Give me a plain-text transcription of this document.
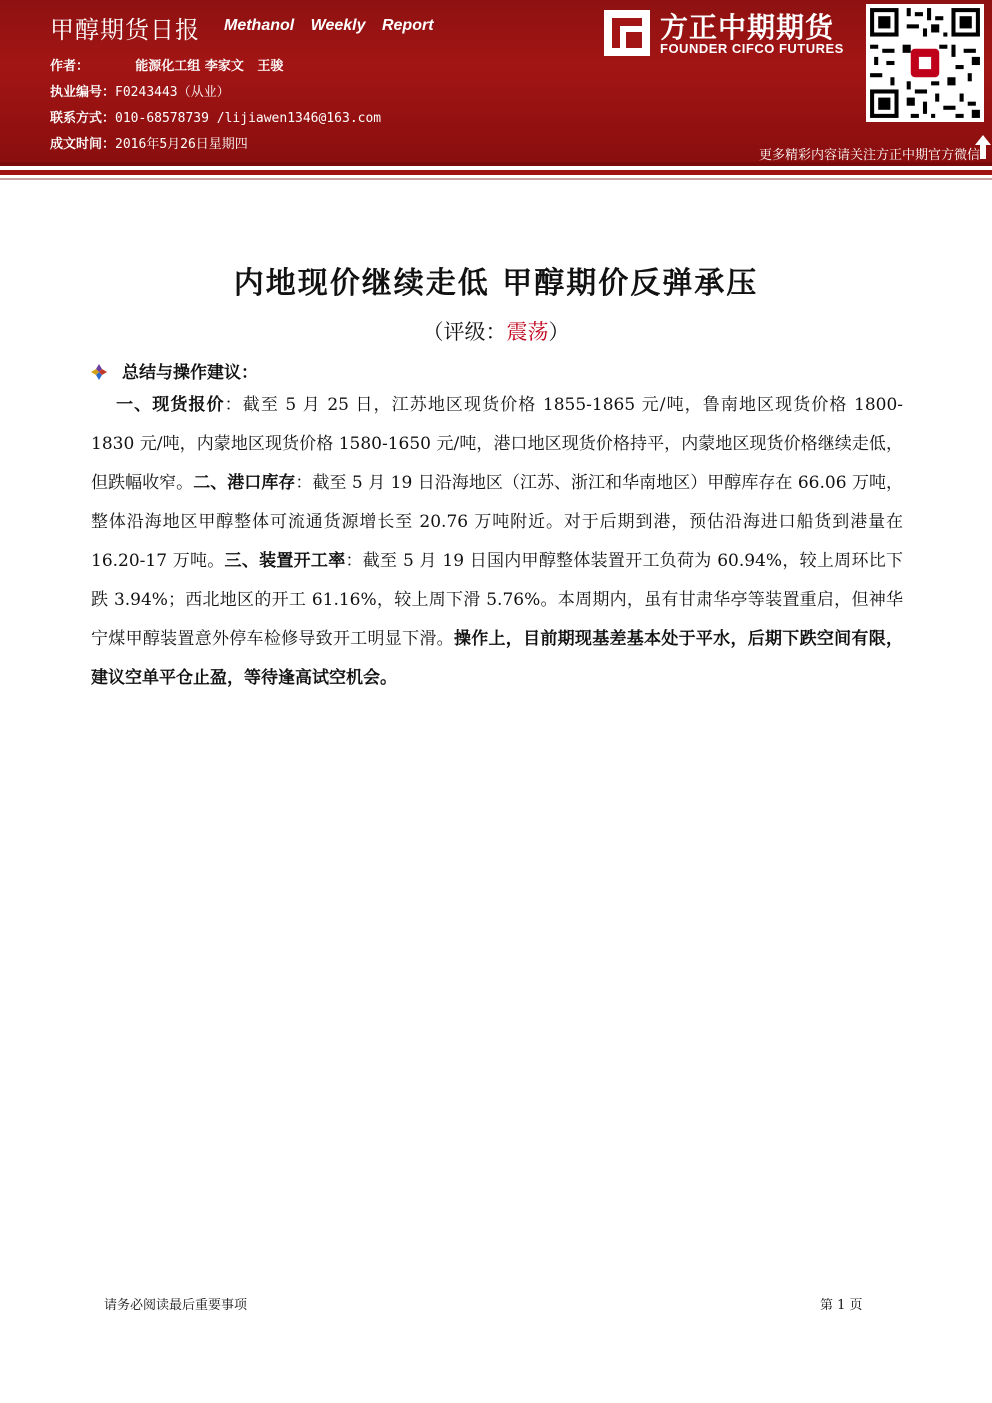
甲醇期货日报 Methanol Weekly Report
作者：	能源化工组 李家文   王骏
执业编号：F0243443（从业）
联系方式：010-68578739 /lijiawen1346@163.com
成文时间：2016年5月26日星期四
方正中期期货
FOUNDER CIFCO FUTURES
更多精彩内容请关注方正中期官方微信
内地现价继续走低 甲醇期价反弹承压
（评级：震荡）
总结与操作建议：
一、现货报价：截至 5 月 25 日，江苏地区现货价格 1855-1865 元/吨，鲁南地区现货价格 1800- 1830 元/吨，内蒙地区现货价格 1580-1650 元/吨，港口地区现货价格持平，内蒙地区现货价格继续走低，但跌幅收窄。二、港口库存：截至 5 月 19 日沿海地区（江苏、浙江和华南地区）甲醇库存在 66.06 万吨，整体沿海地区甲醇整体可流通货源增长至 20.76 万吨附近。对于后期到港，预估沿海进口船货到港量在 16.20-17 万吨。三、装置开工率：截至 5 月 19 日国内甲醇整体装置开工负荷为 60.94%，较上周环比下跌 3.94%；西北地区的开工 61.16%，较上周下滑 5.76%。本周期内，虽有甘肃华亭等装置重启，但神华宁煤甲醇装置意外停车检修导致开工明显下滑。操作上，目前期现基差基本处于平水，后期下跌空间有限，建议空单平仓止盈，等待逢高试空机会。
请务必阅读最后重要事项	第 1 页
